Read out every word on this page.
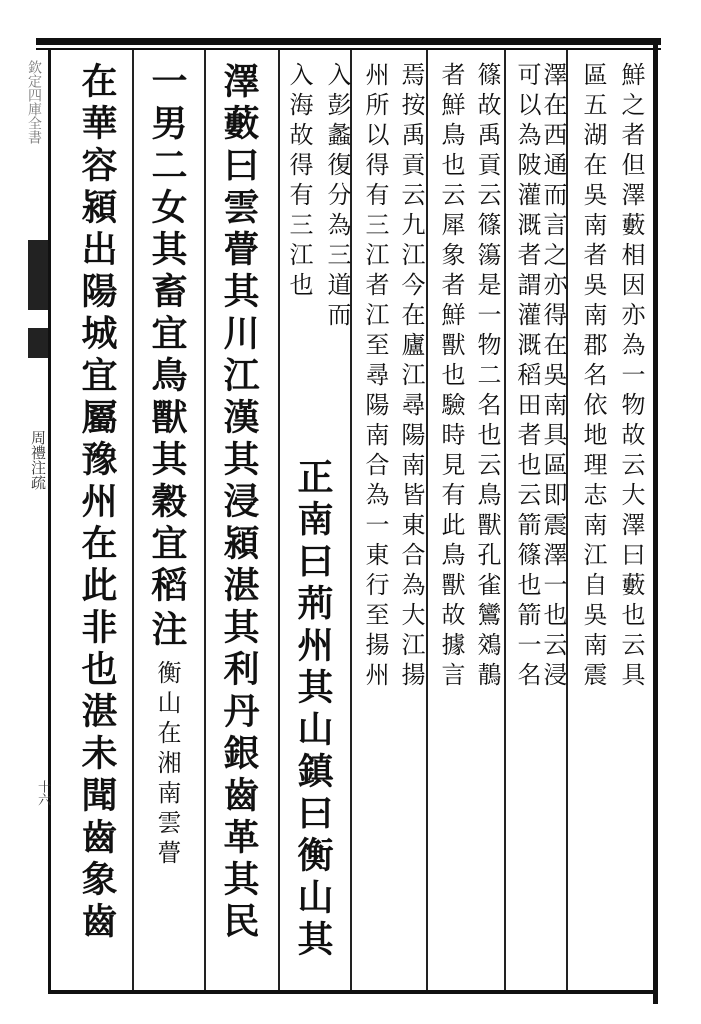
欽定四庫全書
周禮注疏
十六
鮮之者但澤藪相因亦為一物故云大澤曰藪也云具
區五湖在吳南者吳南郡名依地理志南江自吳南震
澤在西通而言之亦得在吳南具區即震澤一也云浸
可以為陂灌溉者謂灌溉稻田者也云箭篠也箭一名
篠故禹貢云篠簜是一物二名也云鳥獸孔雀鸞鵁鶄
者鮮鳥也云犀象者鮮獸也驗時見有此鳥獸故據言
焉按禹貢云九江今在廬江尋陽南皆東合為大江揚
州所以得有三江者江至尋陽南合為一東行至揚州
入彭蠡復分為三道而
正南曰荊州其山鎮曰衡山其
入海故得有三江也
澤藪曰雲瞢其川江漢其浸潁湛其利丹銀齒革其民
一男二女其畜宜鳥獸其穀宜稻
注
衡山在湘南雲瞢
在華容潁出陽城宜屬豫州在此非也湛未聞齒象齒
